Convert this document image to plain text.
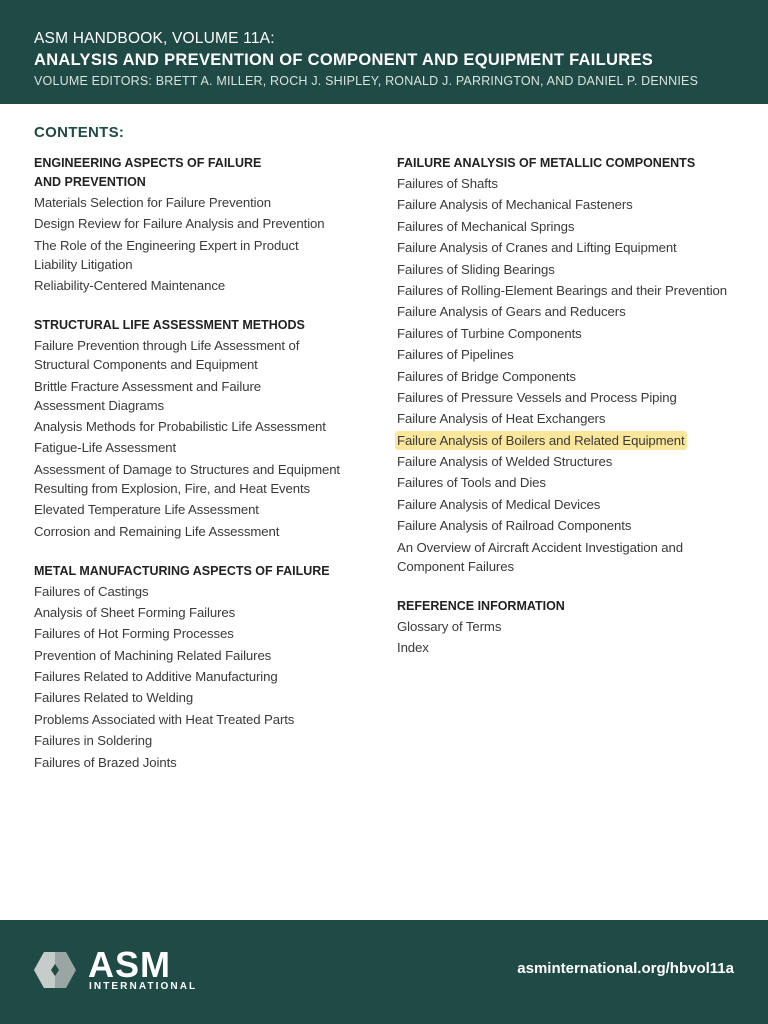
ASM HANDBOOK, VOLUME 11A:
ANALYSIS AND PREVENTION OF COMPONENT AND EQUIPMENT FAILURES
VOLUME EDITORS: BRETT A. MILLER, ROCH J. SHIPLEY, RONALD J. PARRINGTON, AND DANIEL P. DENNIES
CONTENTS:
ENGINEERING ASPECTS OF FAILURE
AND PREVENTION
Materials Selection for Failure Prevention
Design Review for Failure Analysis and Prevention
The Role of the Engineering Expert in Product Liability Litigation
Reliability-Centered Maintenance
STRUCTURAL LIFE ASSESSMENT METHODS
Failure Prevention through Life Assessment of Structural Components and Equipment
Brittle Fracture Assessment and Failure Assessment Diagrams
Analysis Methods for Probabilistic Life Assessment
Fatigue-Life Assessment
Assessment of Damage to Structures and Equipment Resulting from Explosion, Fire, and Heat Events
Elevated Temperature Life Assessment
Corrosion and Remaining Life Assessment
METAL MANUFACTURING ASPECTS OF FAILURE
Failures of Castings
Analysis of Sheet Forming Failures
Failures of Hot Forming Processes
Prevention of Machining Related Failures
Failures Related to Additive Manufacturing
Failures Related to Welding
Problems Associated with Heat Treated Parts
Failures in Soldering
Failures of Brazed Joints
FAILURE ANALYSIS OF METALLIC COMPONENTS
Failures of Shafts
Failure Analysis of Mechanical Fasteners
Failures of Mechanical Springs
Failure Analysis of Cranes and Lifting Equipment
Failures of Sliding Bearings
Failures of Rolling-Element Bearings and their Prevention
Failure Analysis of Gears and Reducers
Failures of Turbine Components
Failures of Pipelines
Failures of Bridge Components
Failures of Pressure Vessels and Process Piping
Failure Analysis of Heat Exchangers
Failure Analysis of Boilers and Related Equipment
Failure Analysis of Welded Structures
Failures of Tools and Dies
Failure Analysis of Medical Devices
Failure Analysis of Railroad Components
An Overview of Aircraft Accident Investigation and Component Failures
REFERENCE INFORMATION
Glossary of Terms
Index
ASM
INTERNATIONAL
asminternational.org/hbvol11a
